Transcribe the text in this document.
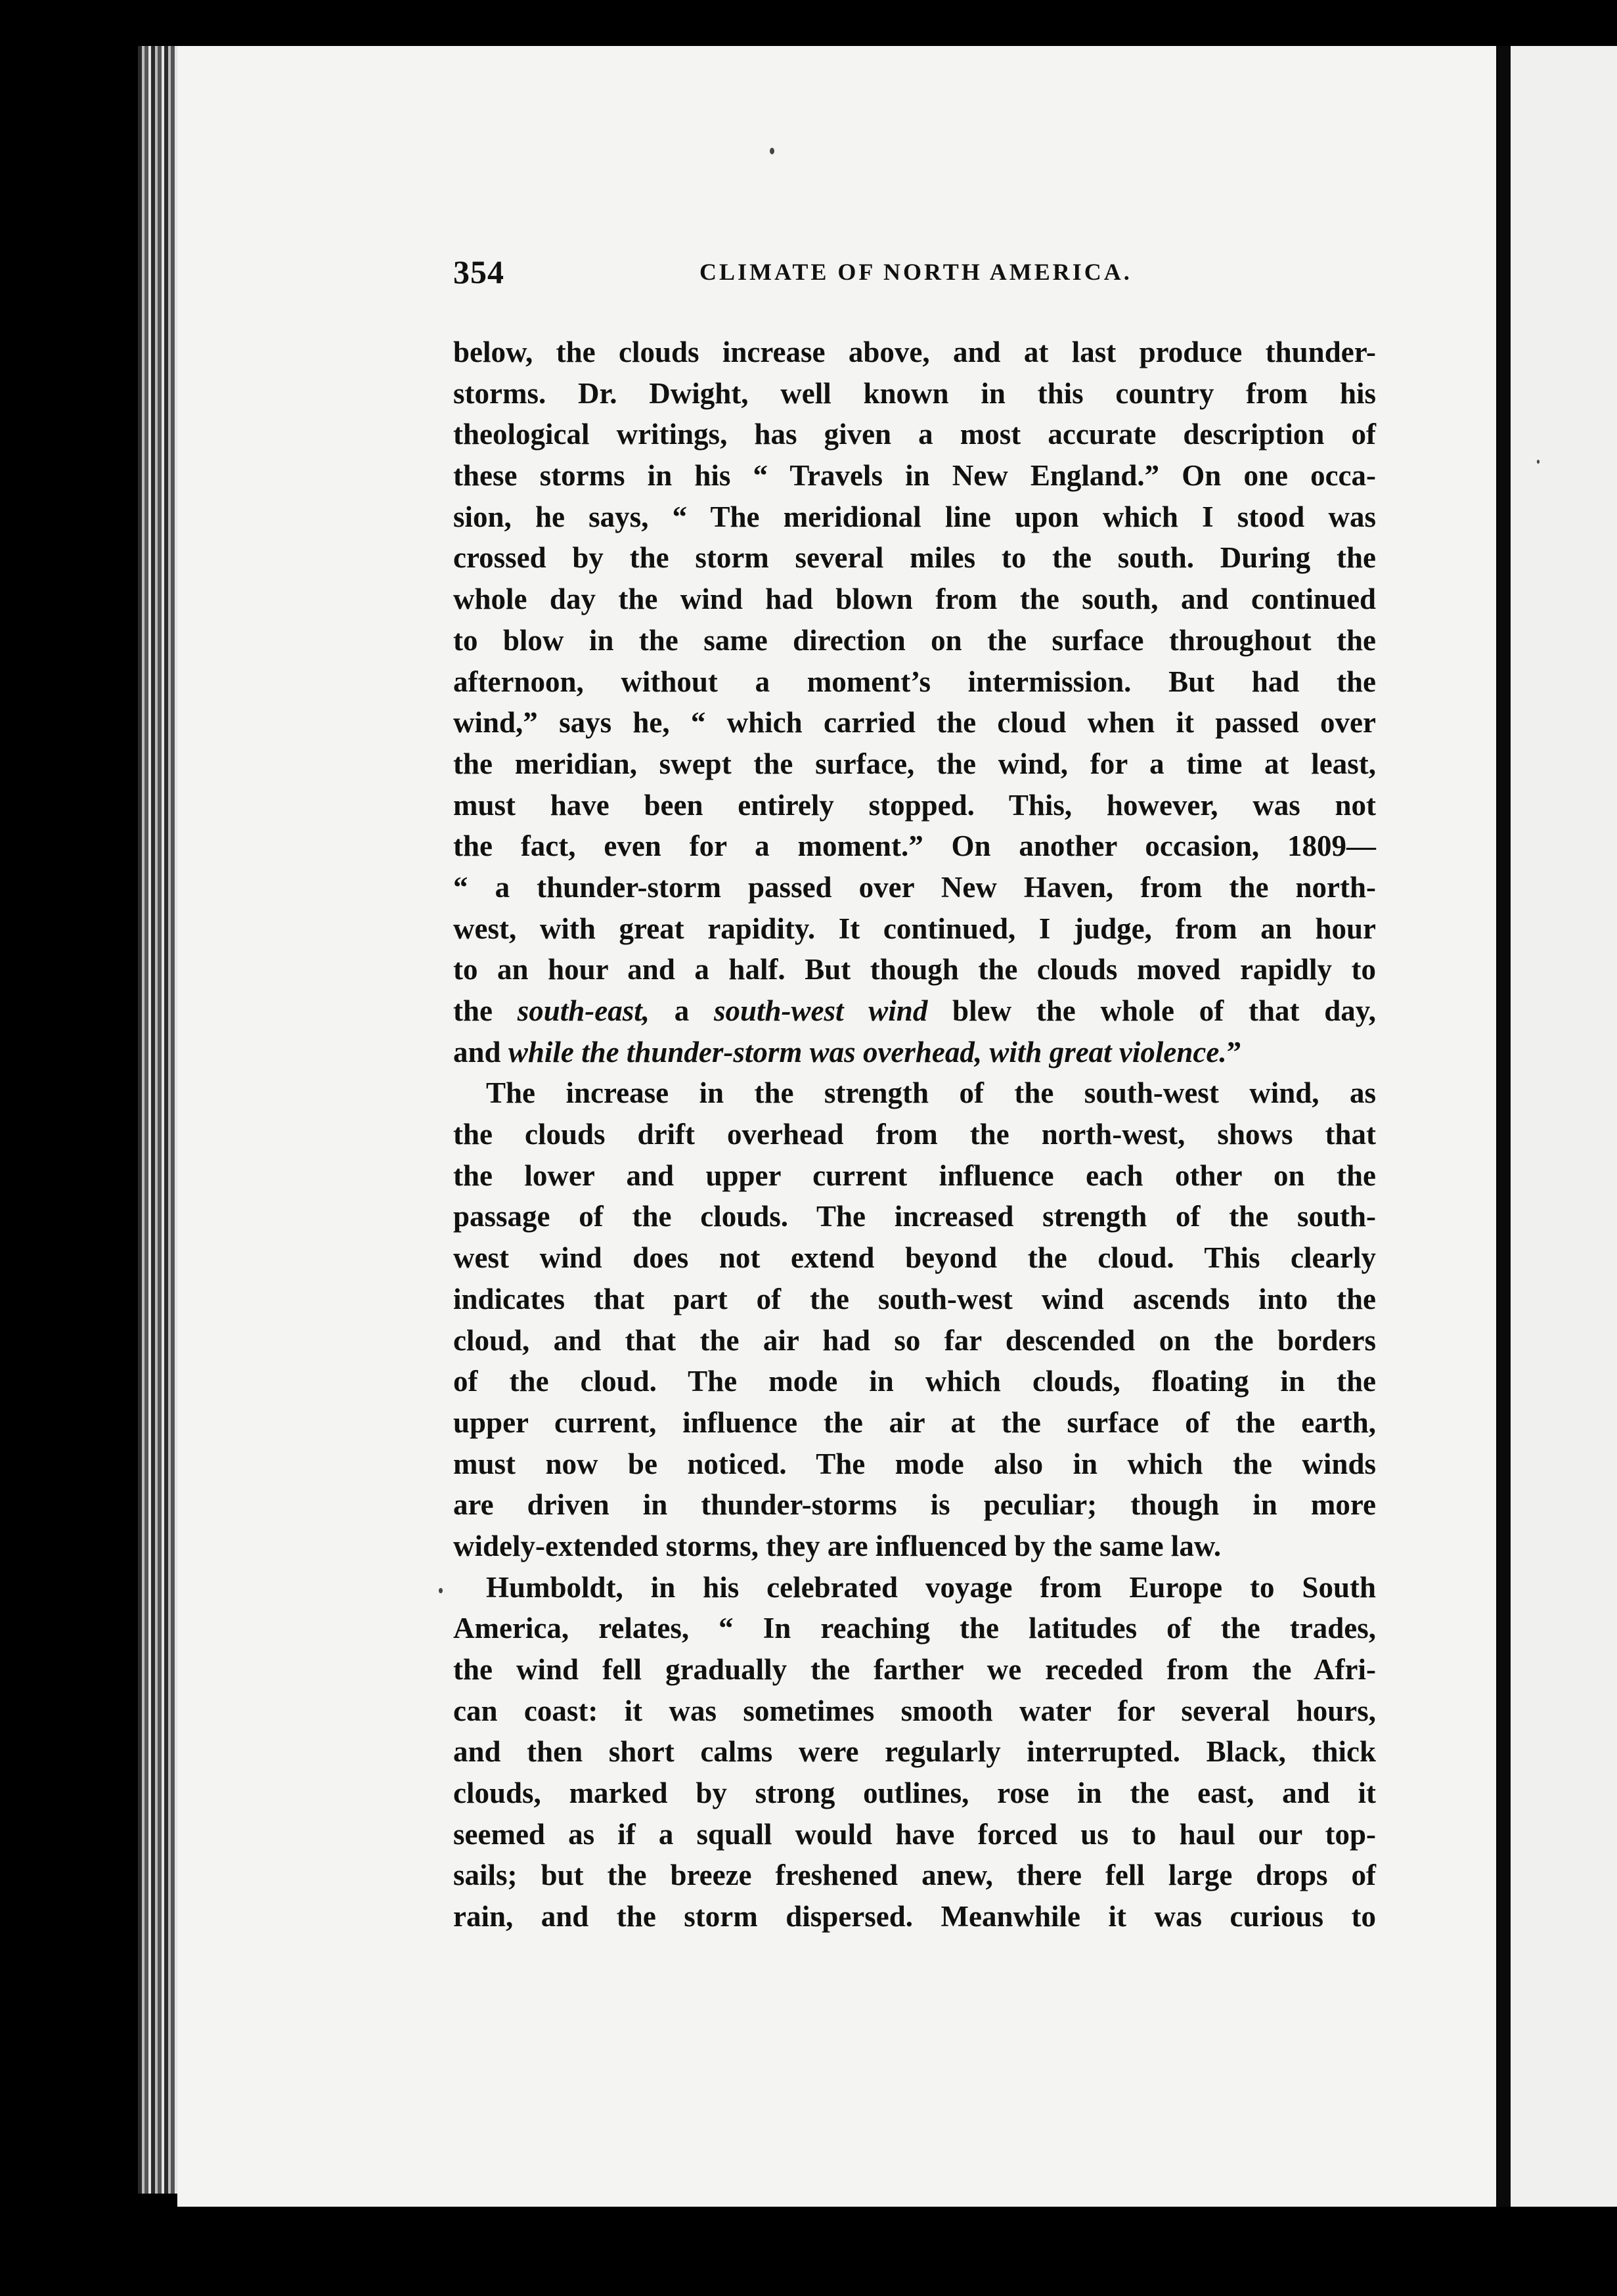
354	CLIMATE OF NORTH AMERICA.
below, the clouds increase above, and at last produce thunder-
storms. Dr. Dwight, well known in this country from his
theological writings, has given a most accurate description of
these storms in his “ Travels in New England.” On one occa-
sion, he says, “ The meridional line upon which I stood was
crossed by the storm several miles to the south. During the
whole day the wind had blown from the south, and continued
to blow in the same direction on the surface throughout the
afternoon, without a moment’s intermission. But had the
wind,” says he, “ which carried the cloud when it passed over
the meridian, swept the surface, the wind, for a time at least,
must have been entirely stopped. This, however, was not
the fact, even for a moment.” On another occasion, 1809—
“ a thunder-storm passed over New Haven, from the north-
west, with great rapidity. It continued, I judge, from an hour
to an hour and a half. But though the clouds moved rapidly to
the south-east, a south-west wind blew the whole of that day,
and while the thunder-storm was overhead, with great violence.”
The increase in the strength of the south-west wind, as
the clouds drift overhead from the north-west, shows that
the lower and upper current influence each other on the
passage of the clouds. The increased strength of the south-
west wind does not extend beyond the cloud. This clearly
indicates that part of the south-west wind ascends into the
cloud, and that the air had so far descended on the borders
of the cloud. The mode in which clouds, floating in the
upper current, influence the air at the surface of the earth,
must now be noticed. The mode also in which the winds
are driven in thunder-storms is peculiar; though in more
widely-extended storms, they are influenced by the same law.
Humboldt, in his celebrated voyage from Europe to South
America, relates, “ In reaching the latitudes of the trades,
the wind fell gradually the farther we receded from the Afri-
can coast: it was sometimes smooth water for several hours,
and then short calms were regularly interrupted. Black, thick
clouds, marked by strong outlines, rose in the east, and it
seemed as if a squall would have forced us to haul our top-
sails; but the breeze freshened anew, there fell large drops of
rain, and the storm dispersed. Meanwhile it was curious to
